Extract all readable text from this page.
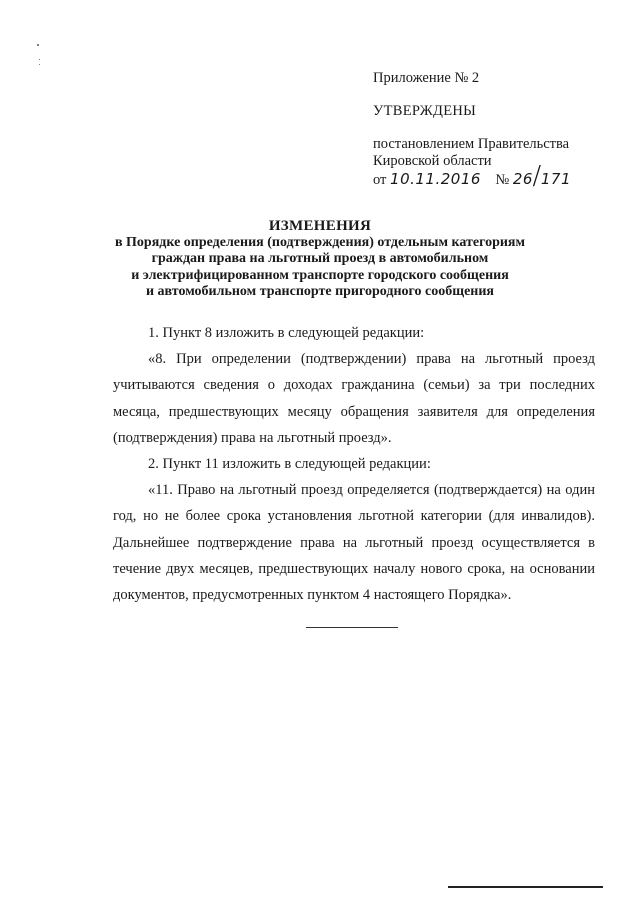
Приложение № 2
УТВЕРЖДЕНЫ
постановлением Правительства
Кировской области
от 10.11.2016 № 26/171
ИЗМЕНЕНИЯ
в Порядке определения (подтверждения) отдельным категориям
граждан права на льготный проезд в автомобильном
и электрифицированном транспорте городского сообщения
и автомобильном транспорте пригородного сообщения

1. Пункт 8 изложить в следующей редакции:

«8. При определении (подтверждении) права на льготный проезд учитываются сведения о доходах гражданина (семьи) за три последних месяца, предшествующих месяцу обращения заявителя для определения (подтверждения) права на льготный проезд».

2. Пункт 11 изложить в следующей редакции:

«11. Право на льготный проезд определяется (подтверждается) на один год, но не более срока установления льготной категории (для инвалидов). Дальнейшее подтверждение права на льготный проезд осуществляется в течение двух месяцев, предшествующих началу нового срока, на основании документов, предусмотренных пунктом 4 настоящего Порядка».
